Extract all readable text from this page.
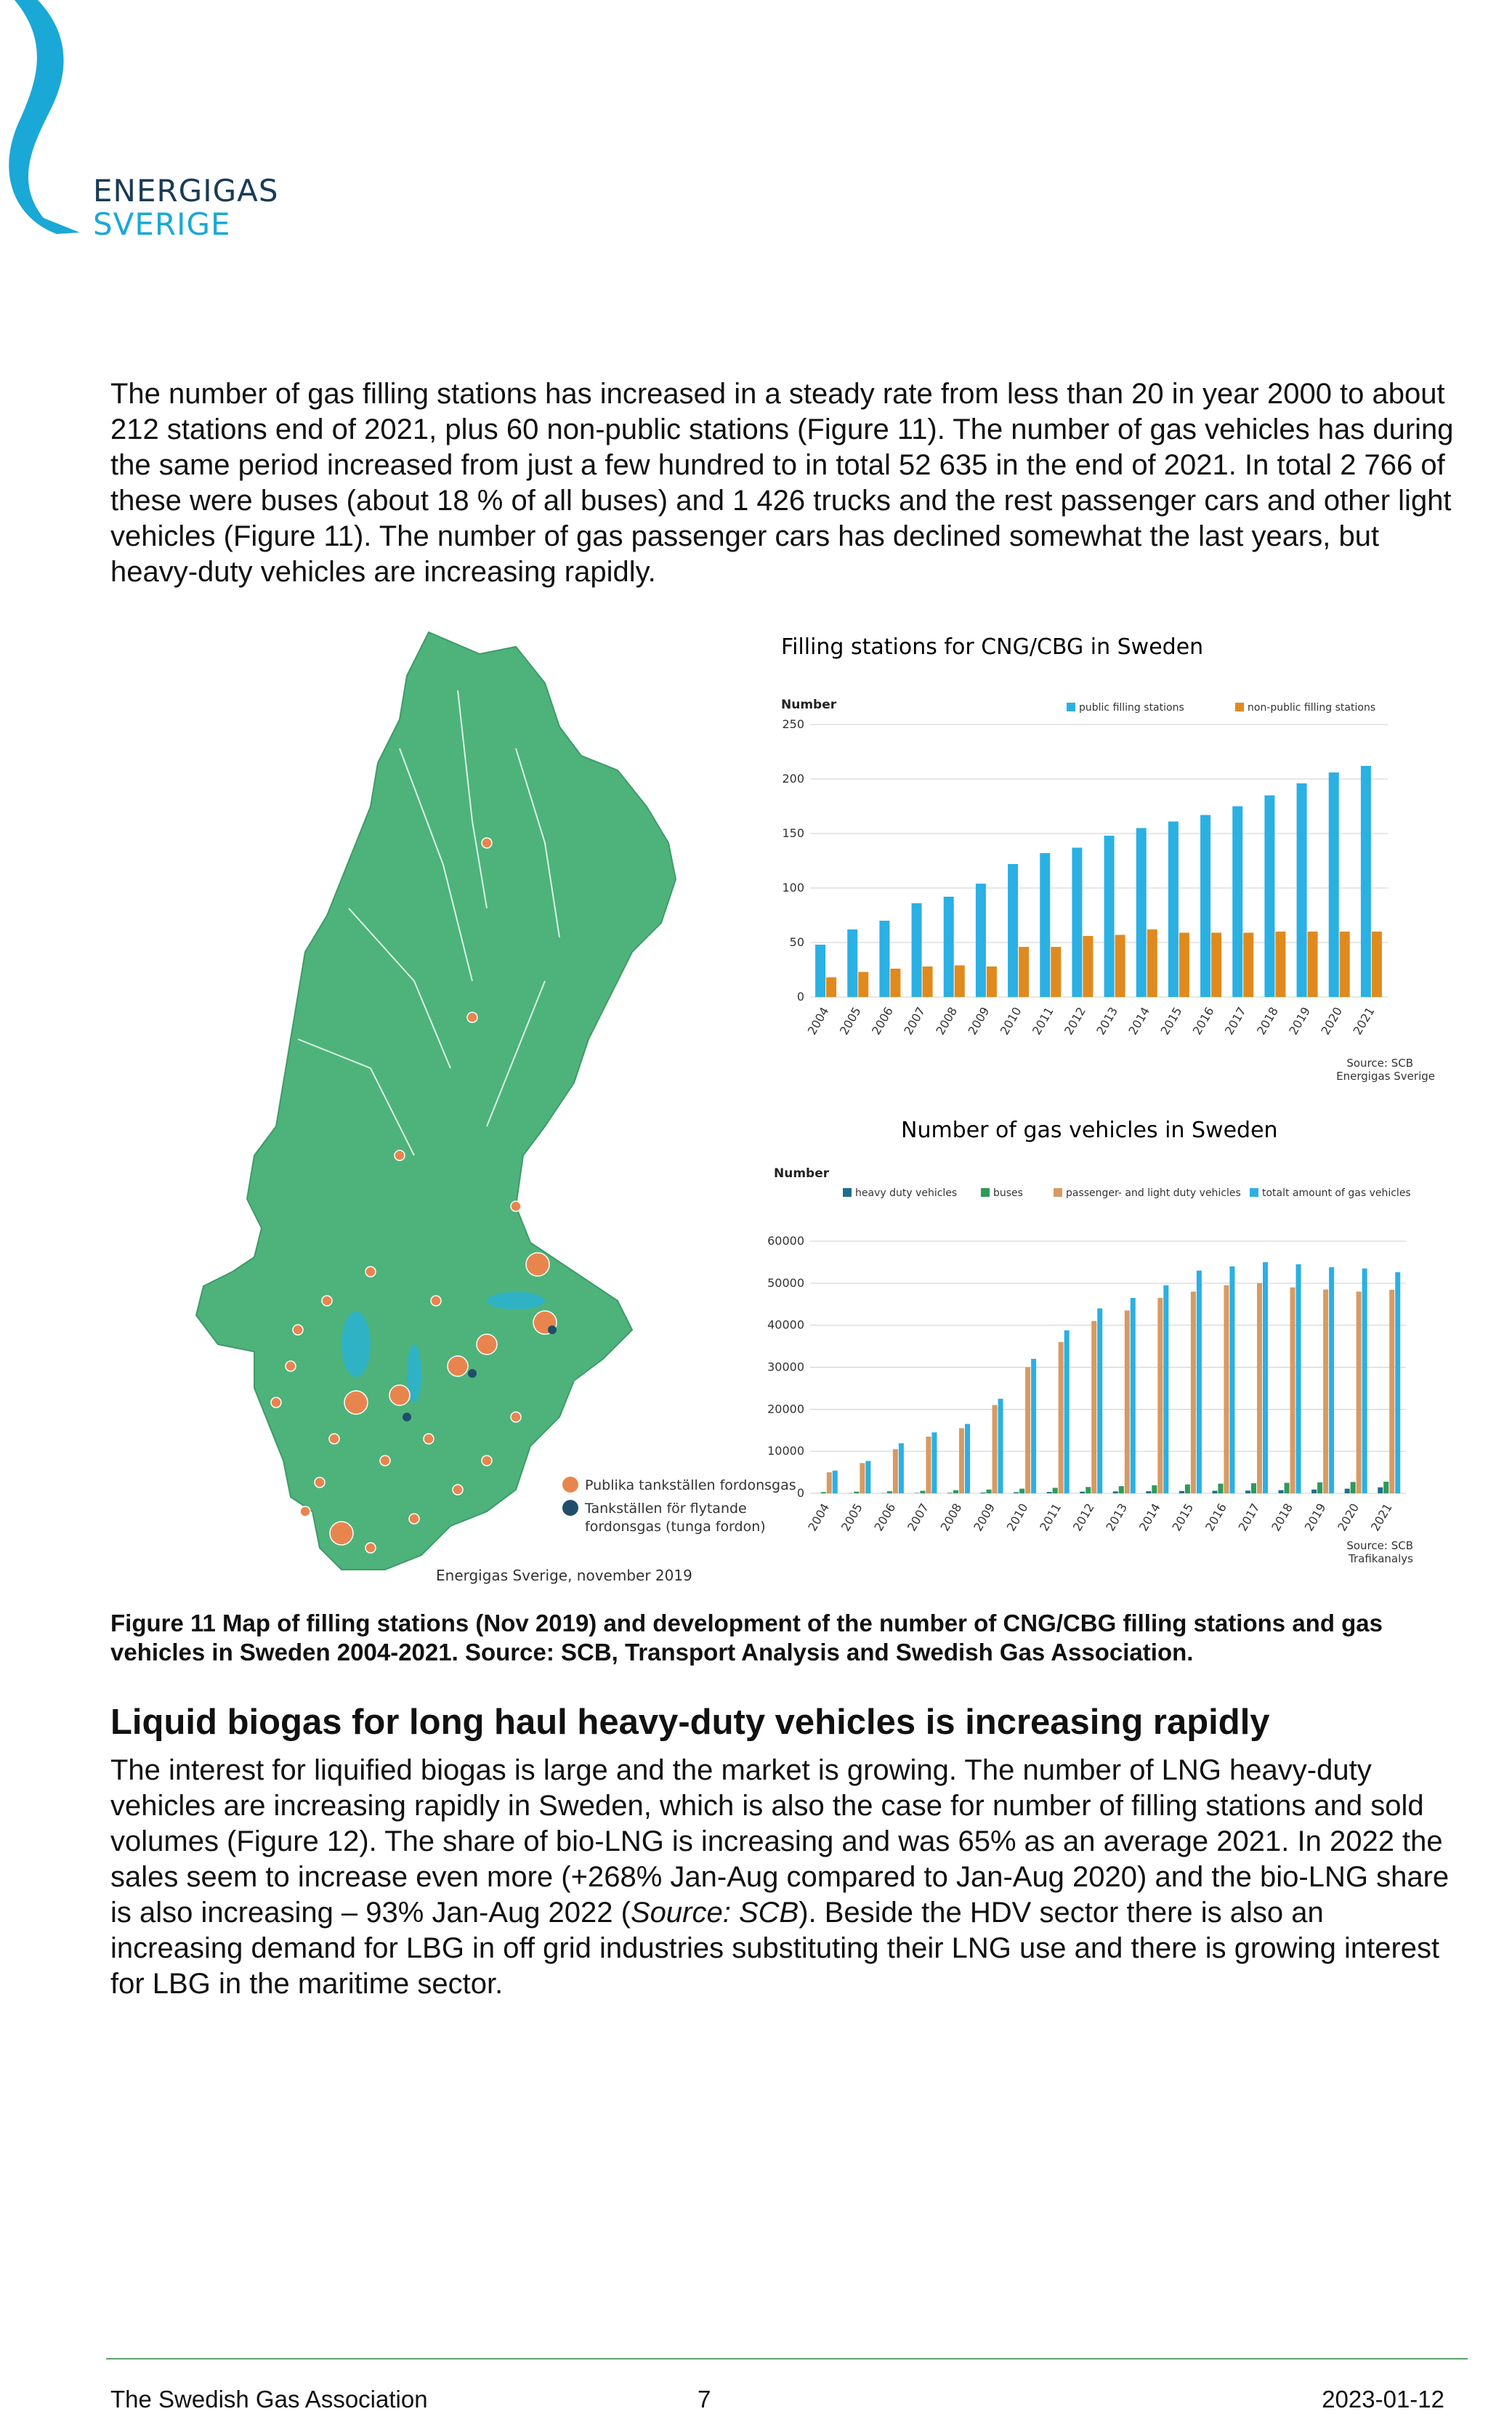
ENERGIGAS
SVERIGE

The number of gas filling stations has increased in a steady rate from less than 20 in year 2000 to about 212 stations end of 2021, plus 60 non-public stations (Figure 11). The number of gas vehicles has during the same period increased from just a few hundred to in total 52 635 in the end of 2021. In total 2 766 of these were buses (about 18 % of all buses) and 1 426 trucks and the rest passenger cars and other light vehicles (Figure 11). The number of gas passenger cars has declined somewhat the last years, but heavy-duty vehicles are increasing rapidly.

Publika tankställen fordonsgas
Tankställen för flytande
fordonsgas (tunga fordon)
Energigas Sverige, november 2019
Filling stations for CNG/CBG in Sweden
Number	public filling stations	non-public filling stations
0
50
100
150
200
250
2004 2005 2006 2007 2008 2009 2010 2011 2012 2013 2014 2015 2016 2017 2018 2019 2020 2021
Source: SCB
Energigas Sverige
Number of gas vehicles in Sweden
Number
heavy duty vehicles	buses	passenger- and light duty vehicles totalt amount of gas vehicles
0
10000
20000
30000
40000
50000
60000
2004 2005 2006 2007 2008 2009 2010 2011 2012 2013 2014 2015 2016 2017 2018 2019 2020 2021
Source: SCB
Trafikanalys

Figure 11 Map of filling stations (Nov 2019) and development of the number of CNG/CBG filling stations and gas vehicles in Sweden 2004-2021. Source: SCB, Transport Analysis and Swedish Gas Association.

Liquid biogas for long haul heavy-duty vehicles is increasing rapidly

The interest for liquified biogas is large and the market is growing. The number of LNG heavy-duty vehicles are increasing rapidly in Sweden, which is also the case for number of filling stations and sold volumes (Figure 12). The share of bio-LNG is increasing and was 65% as an average 2021. In 2022 the sales seem to increase even more (+268% Jan-Aug compared to Jan-Aug 2020) and the bio-LNG share is also increasing – 93% Jan-Aug 2022 (Source: SCB). Beside the HDV sector there is also an increasing demand for LBG in off grid industries substituting their LNG use and there is growing interest for LBG in the maritime sector.

The Swedish Gas Association	7	2023-01-12
